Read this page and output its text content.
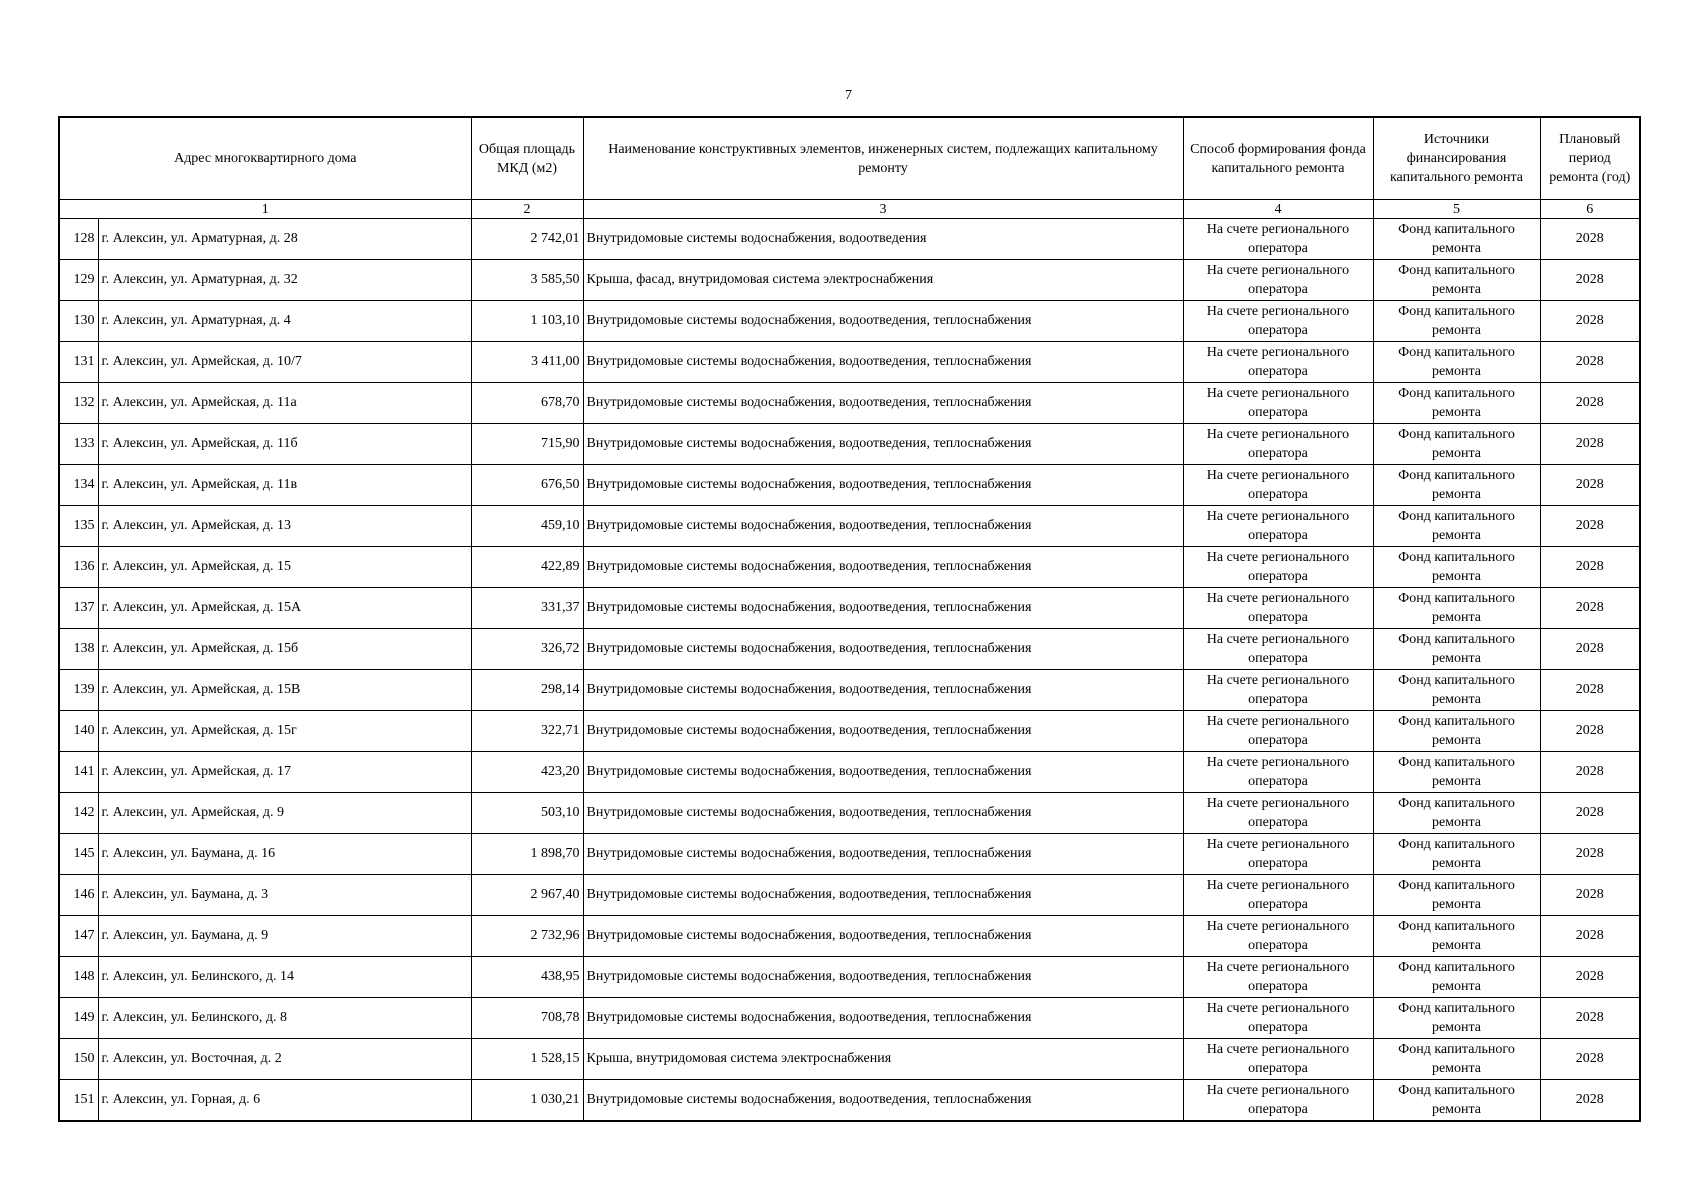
7
Адрес многоквартирного дома		Общая площадь МКД (м2)	Наименование конструктивных элементов, инженерных систем, подлежащих капитальному ремонту	Способ формирования фонда капитального ремонта	Источники финансирования капитального ремонта	Плановый период ремонта (год)
1		2	3	4	5	6
128	г. Алексин, ул. Арматурная, д. 28	2 742,01	Внутридомовые системы водоснабжения, водоотведения	На счете регионального оператора	Фонд капитального ремонта	2028
129	г. Алексин, ул. Арматурная, д. 32	3 585,50	Крыша, фасад, внутридомовая система электроснабжения	На счете регионального оператора	Фонд капитального ремонта	2028
130	г. Алексин, ул. Арматурная, д. 4	1 103,10	Внутридомовые системы водоснабжения, водоотведения, теплоснабжения	На счете регионального оператора	Фонд капитального ремонта	2028
131	г. Алексин, ул. Армейская, д. 10/7	3 411,00	Внутридомовые системы водоснабжения, водоотведения, теплоснабжения	На счете регионального оператора	Фонд капитального ремонта	2028
132	г. Алексин, ул. Армейская, д. 11а	678,70	Внутридомовые системы водоснабжения, водоотведения, теплоснабжения	На счете регионального оператора	Фонд капитального ремонта	2028
133	г. Алексин, ул. Армейская, д. 11б	715,90	Внутридомовые системы водоснабжения, водоотведения, теплоснабжения	На счете регионального оператора	Фонд капитального ремонта	2028
134	г. Алексин, ул. Армейская, д. 11в	676,50	Внутридомовые системы водоснабжения, водоотведения, теплоснабжения	На счете регионального оператора	Фонд капитального ремонта	2028
135	г. Алексин, ул. Армейская, д. 13	459,10	Внутридомовые системы водоснабжения, водоотведения, теплоснабжения	На счете регионального оператора	Фонд капитального ремонта	2028
136	г. Алексин, ул. Армейская, д. 15	422,89	Внутридомовые системы водоснабжения, водоотведения, теплоснабжения	На счете регионального оператора	Фонд капитального ремонта	2028
137	г. Алексин, ул. Армейская, д. 15А	331,37	Внутридомовые системы водоснабжения, водоотведения, теплоснабжения	На счете регионального оператора	Фонд капитального ремонта	2028
138	г. Алексин, ул. Армейская, д. 15б	326,72	Внутридомовые системы водоснабжения, водоотведения, теплоснабжения	На счете регионального оператора	Фонд капитального ремонта	2028
139	г. Алексин, ул. Армейская, д. 15В	298,14	Внутридомовые системы водоснабжения, водоотведения, теплоснабжения	На счете регионального оператора	Фонд капитального ремонта	2028
140	г. Алексин, ул. Армейская, д. 15г	322,71	Внутридомовые системы водоснабжения, водоотведения, теплоснабжения	На счете регионального оператора	Фонд капитального ремонта	2028
141	г. Алексин, ул. Армейская, д. 17	423,20	Внутридомовые системы водоснабжения, водоотведения, теплоснабжения	На счете регионального оператора	Фонд капитального ремонта	2028
142	г. Алексин, ул. Армейская, д. 9	503,10	Внутридомовые системы водоснабжения, водоотведения, теплоснабжения	На счете регионального оператора	Фонд капитального ремонта	2028
145	г. Алексин, ул. Баумана, д. 16	1 898,70	Внутридомовые системы водоснабжения, водоотведения, теплоснабжения	На счете регионального оператора	Фонд капитального ремонта	2028
146	г. Алексин, ул. Баумана, д. 3	2 967,40	Внутридомовые системы водоснабжения, водоотведения, теплоснабжения	На счете регионального оператора	Фонд капитального ремонта	2028
147	г. Алексин, ул. Баумана, д. 9	2 732,96	Внутридомовые системы водоснабжения, водоотведения, теплоснабжения	На счете регионального оператора	Фонд капитального ремонта	2028
148	г. Алексин, ул. Белинского, д. 14	438,95	Внутридомовые системы водоснабжения, водоотведения, теплоснабжения	На счете регионального оператора	Фонд капитального ремонта	2028
149	г. Алексин, ул. Белинского, д. 8	708,78	Внутридомовые системы водоснабжения, водоотведения, теплоснабжения	На счете регионального оператора	Фонд капитального ремонта	2028
150	г. Алексин, ул. Восточная, д. 2	1 528,15	Крыша, внутридомовая система электроснабжения	На счете регионального оператора	Фонд капитального ремонта	2028
151	г. Алексин, ул. Горная, д. 6	1 030,21	Внутридомовые системы водоснабжения, водоотведения, теплоснабжения	На счете регионального оператора	Фонд капитального ремонта	2028
